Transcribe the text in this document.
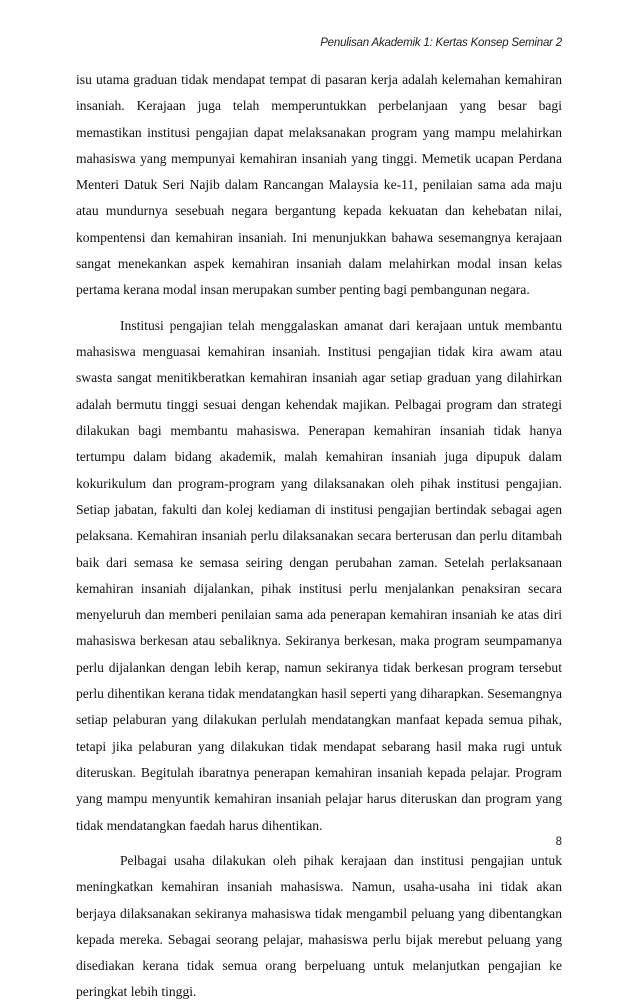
Penulisan Akademik 1: Kertas Konsep Seminar 2

isu utama graduan tidak mendapat tempat di pasaran kerja adalah kelemahan kemahiran insaniah. Kerajaan juga telah memperuntukkan perbelanjaan yang besar bagi memastikan institusi pengajian dapat melaksanakan program yang mampu melahirkan mahasiswa yang mempunyai kemahiran insaniah yang tinggi. Memetik ucapan Perdana Menteri Datuk Seri Najib dalam Rancangan Malaysia ke-11, penilaian sama ada maju atau mundurnya sesebuah negara bergantung kepada kekuatan dan kehebatan nilai, kompentensi dan kemahiran insaniah. Ini menunjukkan bahawa sesemangnya kerajaan sangat menekankan aspek kemahiran insaniah dalam melahirkan modal insan kelas pertama kerana modal insan merupakan sumber penting bagi pembangunan negara.

Institusi pengajian telah menggalaskan amanat dari kerajaan untuk membantu mahasiswa menguasai kemahiran insaniah. Institusi pengajian tidak kira awam atau swasta sangat menitikberatkan kemahiran insaniah agar setiap graduan yang dilahirkan adalah bermutu tinggi sesuai dengan kehendak majikan. Pelbagai program dan strategi dilakukan bagi membantu mahasiswa. Penerapan kemahiran insaniah tidak hanya tertumpu dalam bidang akademik, malah kemahiran insaniah juga dipupuk dalam kokurikulum dan program-program yang dilaksanakan oleh pihak institusi pengajian. Setiap jabatan, fakulti dan kolej kediaman di institusi pengajian bertindak sebagai agen pelaksana. Kemahiran insaniah perlu dilaksanakan secara berterusan dan perlu ditambah baik dari semasa ke semasa seiring dengan perubahan zaman. Setelah perlaksanaan kemahiran insaniah dijalankan, pihak institusi perlu menjalankan penaksiran secara menyeluruh dan memberi penilaian sama ada penerapan kemahiran insaniah ke atas diri mahasiswa berkesan atau sebaliknya. Sekiranya berkesan, maka program seumpamanya perlu dijalankan dengan lebih kerap, namun sekiranya tidak berkesan program tersebut perlu dihentikan kerana tidak mendatangkan hasil seperti yang diharapkan. Sesemangnya setiap pelaburan yang dilakukan perlulah mendatangkan manfaat kepada semua pihak, tetapi jika pelaburan yang dilakukan tidak mendapat sebarang hasil maka rugi untuk diteruskan. Begitulah ibaratnya penerapan kemahiran insaniah kepada pelajar. Program yang mampu menyuntik kemahiran insaniah pelajar harus diteruskan dan program yang tidak mendatangkan faedah harus dihentikan.

Pelbagai usaha dilakukan oleh pihak kerajaan dan institusi pengajian untuk meningkatkan kemahiran insaniah mahasiswa. Namun, usaha-usaha ini tidak akan berjaya dilaksanakan sekiranya mahasiswa tidak mengambil peluang yang dibentangkan kepada mereka. Sebagai seorang pelajar, mahasiswa perlu bijak merebut peluang yang disediakan kerana tidak semua orang berpeluang untuk melanjutkan pengajian ke peringkat lebih tinggi.

8
